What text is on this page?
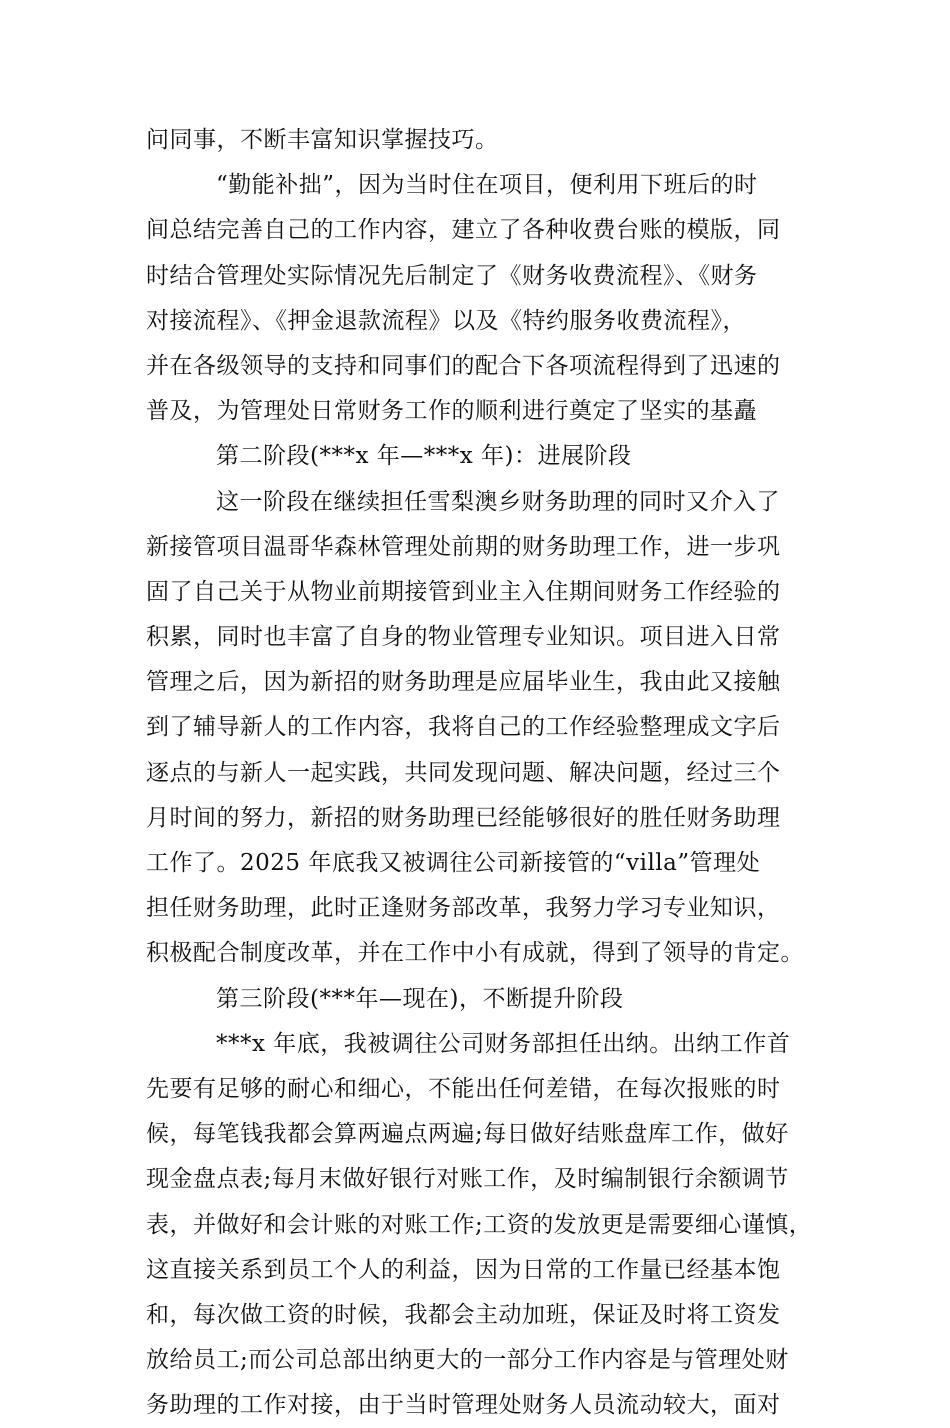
问同事，不断丰富知识掌握技巧。
“勤能补拙”，因为当时住在项目，便利用下班后的时
间总结完善自己的工作内容，建立了各种收费台账的模版，同
时结合管理处实际情况先后制定了《财务收费流程》、《财务
对接流程》、《押金退款流程》以及《特约服务收费流程》，
并在各级领导的支持和同事们的配合下各项流程得到了迅速的
普及，为管理处日常财务工作的顺利进行奠定了坚实的基矗
第二阶段(***x 年—***x 年)：进展阶段
这一阶段在继续担任雪梨澳乡财务助理的同时又介入了
新接管项目温哥华森林管理处前期的财务助理工作，进一步巩
固了自己关于从物业前期接管到业主入住期间财务工作经验的
积累，同时也丰富了自身的物业管理专业知识。项目进入日常
管理之后，因为新招的财务助理是应届毕业生，我由此又接触
到了辅导新人的工作内容，我将自己的工作经验整理成文字后
逐点的与新人一起实践，共同发现问题、解决问题，经过三个
月时间的努力，新招的财务助理已经能够很好的胜任财务助理
工作了。2025 年底我又被调往公司新接管的“villa”管理处
担任财务助理，此时正逢财务部改革，我努力学习专业知识，
积极配合制度改革，并在工作中小有成就，得到了领导的肯定。
第三阶段(***年—现在)，不断提升阶段
***x 年底，我被调往公司财务部担任出纳。出纳工作首
先要有足够的耐心和细心，不能出任何差错，在每次报账的时
候，每笔钱我都会算两遍点两遍;每日做好结账盘库工作，做好
现金盘点表;每月末做好银行对账工作，及时编制银行余额调节
表，并做好和会计账的对账工作;工资的发放更是需要细心谨慎，
这直接关系到员工个人的利益，因为日常的工作量已经基本饱
和，每次做工资的时候，我都会主动加班，保证及时将工资发
放给员工;而公司总部出纳更大的一部分工作内容是与管理处财
务助理的工作对接，由于当时管理处财务人员流动较大，面对
